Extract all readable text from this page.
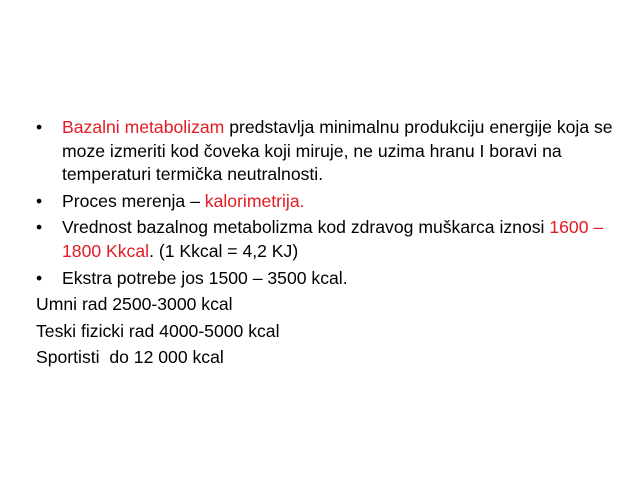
• Bazalni metabolizam predstavlja minimalnu produkciju energije koja se moze izmeriti kod čoveka koji miruje, ne uzima hranu I boravi na temperaturi termička neutralnosti.
• Proces merenja – kalorimetrija.
• Vrednost bazalnog metabolizma kod zdravog muškarca iznosi 1600 – 1800 Kkcal. (1 Kkcal = 4,2 KJ)
• Ekstra potrebe jos 1500 – 3500 kcal.
Umni rad 2500-3000 kcal
Teski fizicki rad 4000-5000 kcal
Sportisti  do 12 000 kcal
